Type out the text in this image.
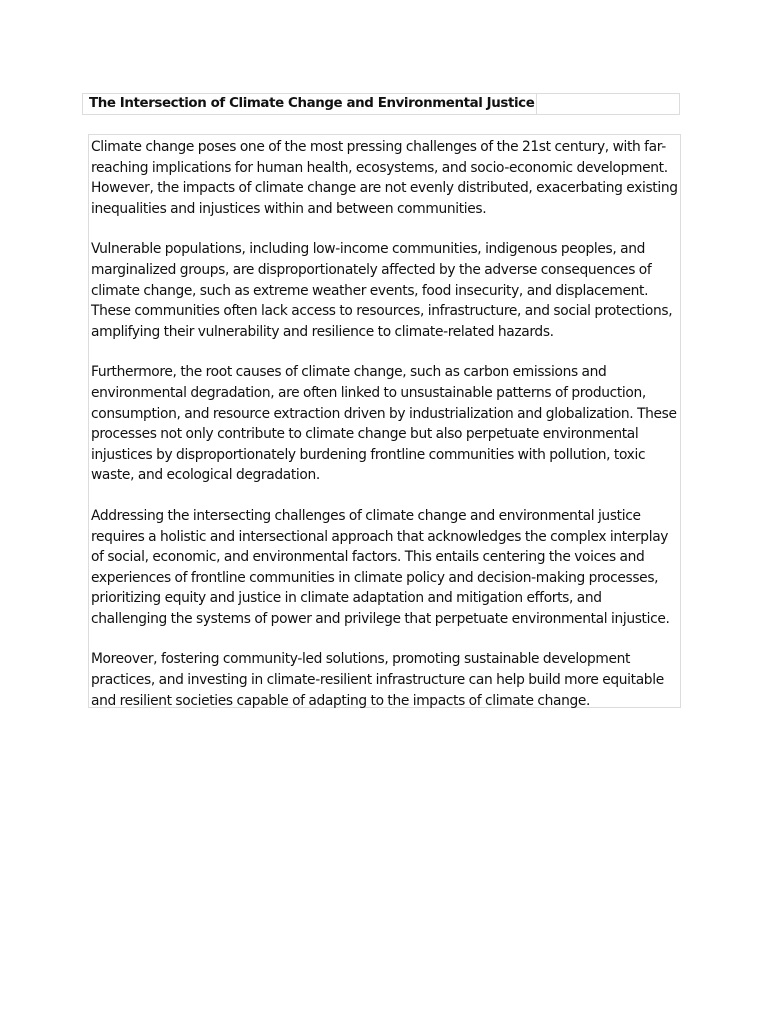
The Intersection of Climate Change and Environmental Justice

Climate change poses one of the most pressing challenges of the 21st century, with far-reaching implications for human health, ecosystems, and socio-economic development. However, the impacts of climate change are not evenly distributed, exacerbating existing inequalities and injustices within and between communities.

Vulnerable populations, including low-income communities, indigenous peoples, and marginalized groups, are disproportionately affected by the adverse consequences of climate change, such as extreme weather events, food insecurity, and displacement. These communities often lack access to resources, infrastructure, and social protections, amplifying their vulnerability and resilience to climate-related hazards.

Furthermore, the root causes of climate change, such as carbon emissions and environmental degradation, are often linked to unsustainable patterns of production, consumption, and resource extraction driven by industrialization and globalization. These processes not only contribute to climate change but also perpetuate environmental injustices by disproportionately burdening frontline communities with pollution, toxic waste, and ecological degradation.

Addressing the intersecting challenges of climate change and environmental justice requires a holistic and intersectional approach that acknowledges the complex interplay of social, economic, and environmental factors. This entails centering the voices and experiences of frontline communities in climate policy and decision-making processes, prioritizing equity and justice in climate adaptation and mitigation efforts, and challenging the systems of power and privilege that perpetuate environmental injustice.

Moreover, fostering community-led solutions, promoting sustainable development practices, and investing in climate-resilient infrastructure can help build more equitable and resilient societies capable of adapting to the impacts of climate change.
